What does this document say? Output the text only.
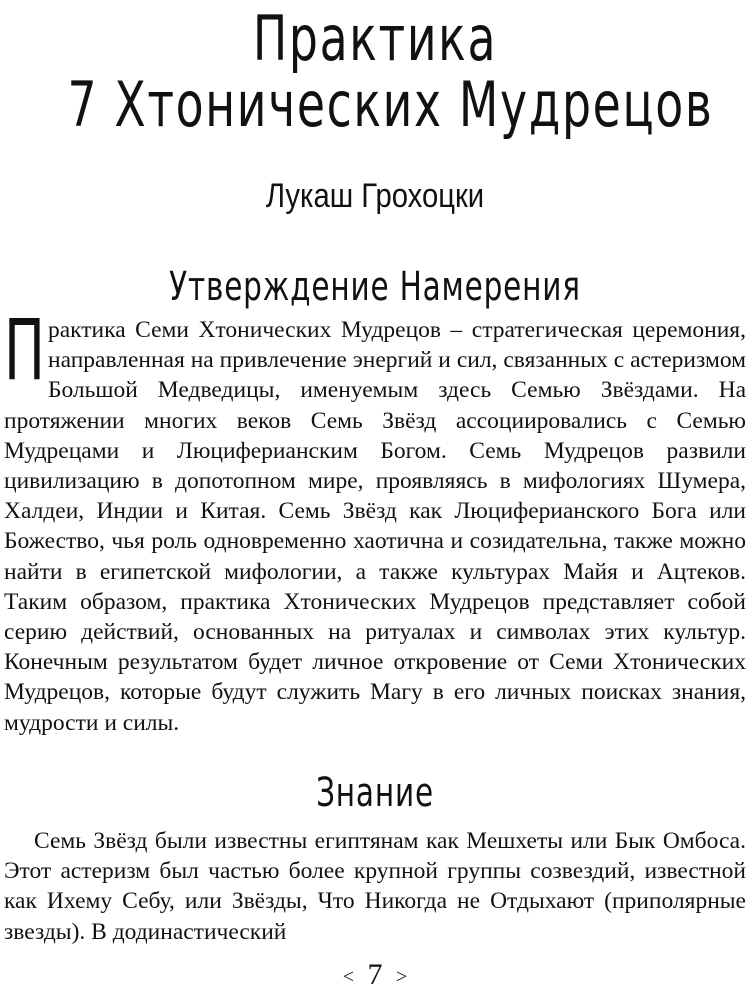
Практика
7 Хтонических Мудрецов
Лукаш Грохоцки
Утверждение Намерения
П рактика Семи Хтонических Мудрецов – стратегическая церемония, направленная на привлечение энергий и сил, связанных с астеризмом Большой Медведицы, именуемым здесь Семью Звёздами. На протяжении многих веков Семь Звёзд ассоциировались с Семью Мудрецами и Люциферианским Богом. Семь Мудрецов развили цивилизацию в допотопном мире, проявляясь в мифологиях Шумера, Халдеи, Индии и Китая. Семь Звёзд как Люциферианского Бога или Божество, чья роль одновременно хаотична и созидательна, также можно найти в египетской мифологии, а также культурах Майя и Ацтеков. Таким образом, практика Хтонических Мудрецов представляет собой серию действий, основанных на ритуалах и символах этих культур. Конечным результатом будет личное откровение от Семи Хтонических Мудрецов, которые будут служить Магу в его личных поисках знания, мудрости и силы.
Знание
Семь Звёзд были известны египтянам как Мешхеты или Бык Омбоса. Этот астеризм был частью более крупной группы созвездий, известной как Ихему Себу, или Звёзды, Что Никогда не Отдыхают (приполярные звезды). В додинастический
< 7 >
